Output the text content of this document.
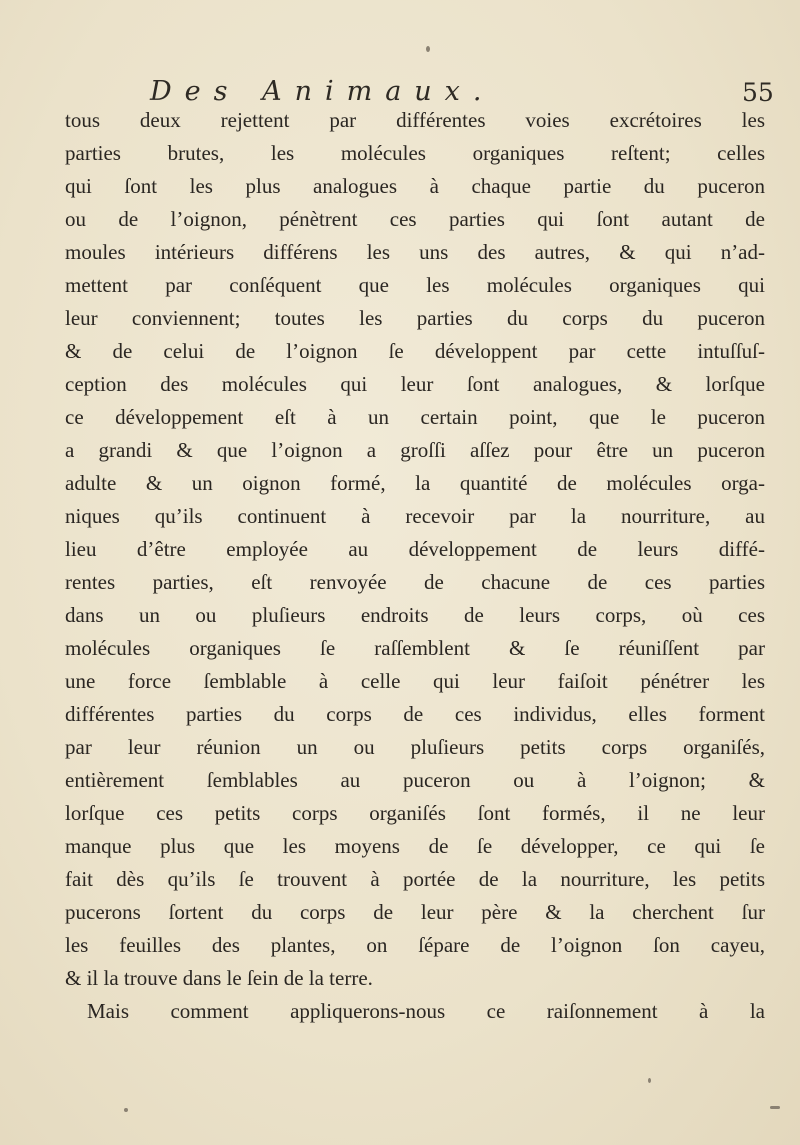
Des Animaux.	55
tous deux rejettent par différentes voies excrétoires les
parties brutes, les molécules organiques reſtent; celles
qui ſont les plus analogues à chaque partie du puceron
ou de l’oignon, pénètrent ces parties qui ſont autant de
moules intérieurs différens les uns des autres, & qui n’ad-
mettent par conſéquent que les molécules organiques qui
leur conviennent; toutes les parties du corps du puceron
& de celui de l’oignon ſe développent par cette intuſſuſ-
ception des molécules qui leur ſont analogues, & lorſque
ce développement eſt à un certain point, que le puceron
a grandi & que l’oignon a groſſi aſſez pour être un puceron
adulte & un oignon formé, la quantité de molécules orga-
niques qu’ils continuent à recevoir par la nourriture, au
lieu d’être employée au développement de leurs diffé-
rentes parties, eſt renvoyée de chacune de ces parties
dans un ou pluſieurs endroits de leurs corps, où ces
molécules organiques ſe raſſemblent & ſe réuniſſent par
une force ſemblable à celle qui leur faiſoit pénétrer les
différentes parties du corps de ces individus, elles forment
par leur réunion un ou pluſieurs petits corps organiſés,
entièrement ſemblables au puceron ou à l’oignon; &
lorſque ces petits corps organiſés ſont formés, il ne leur
manque plus que les moyens de ſe développer, ce qui ſe
fait dès qu’ils ſe trouvent à portée de la nourriture, les petits
pucerons ſortent du corps de leur père & la cherchent ſur
les feuilles des plantes, on ſépare de l’oignon ſon cayeu,
& il la trouve dans le ſein de la terre.
Mais comment appliquerons-nous ce raiſonnement à la
